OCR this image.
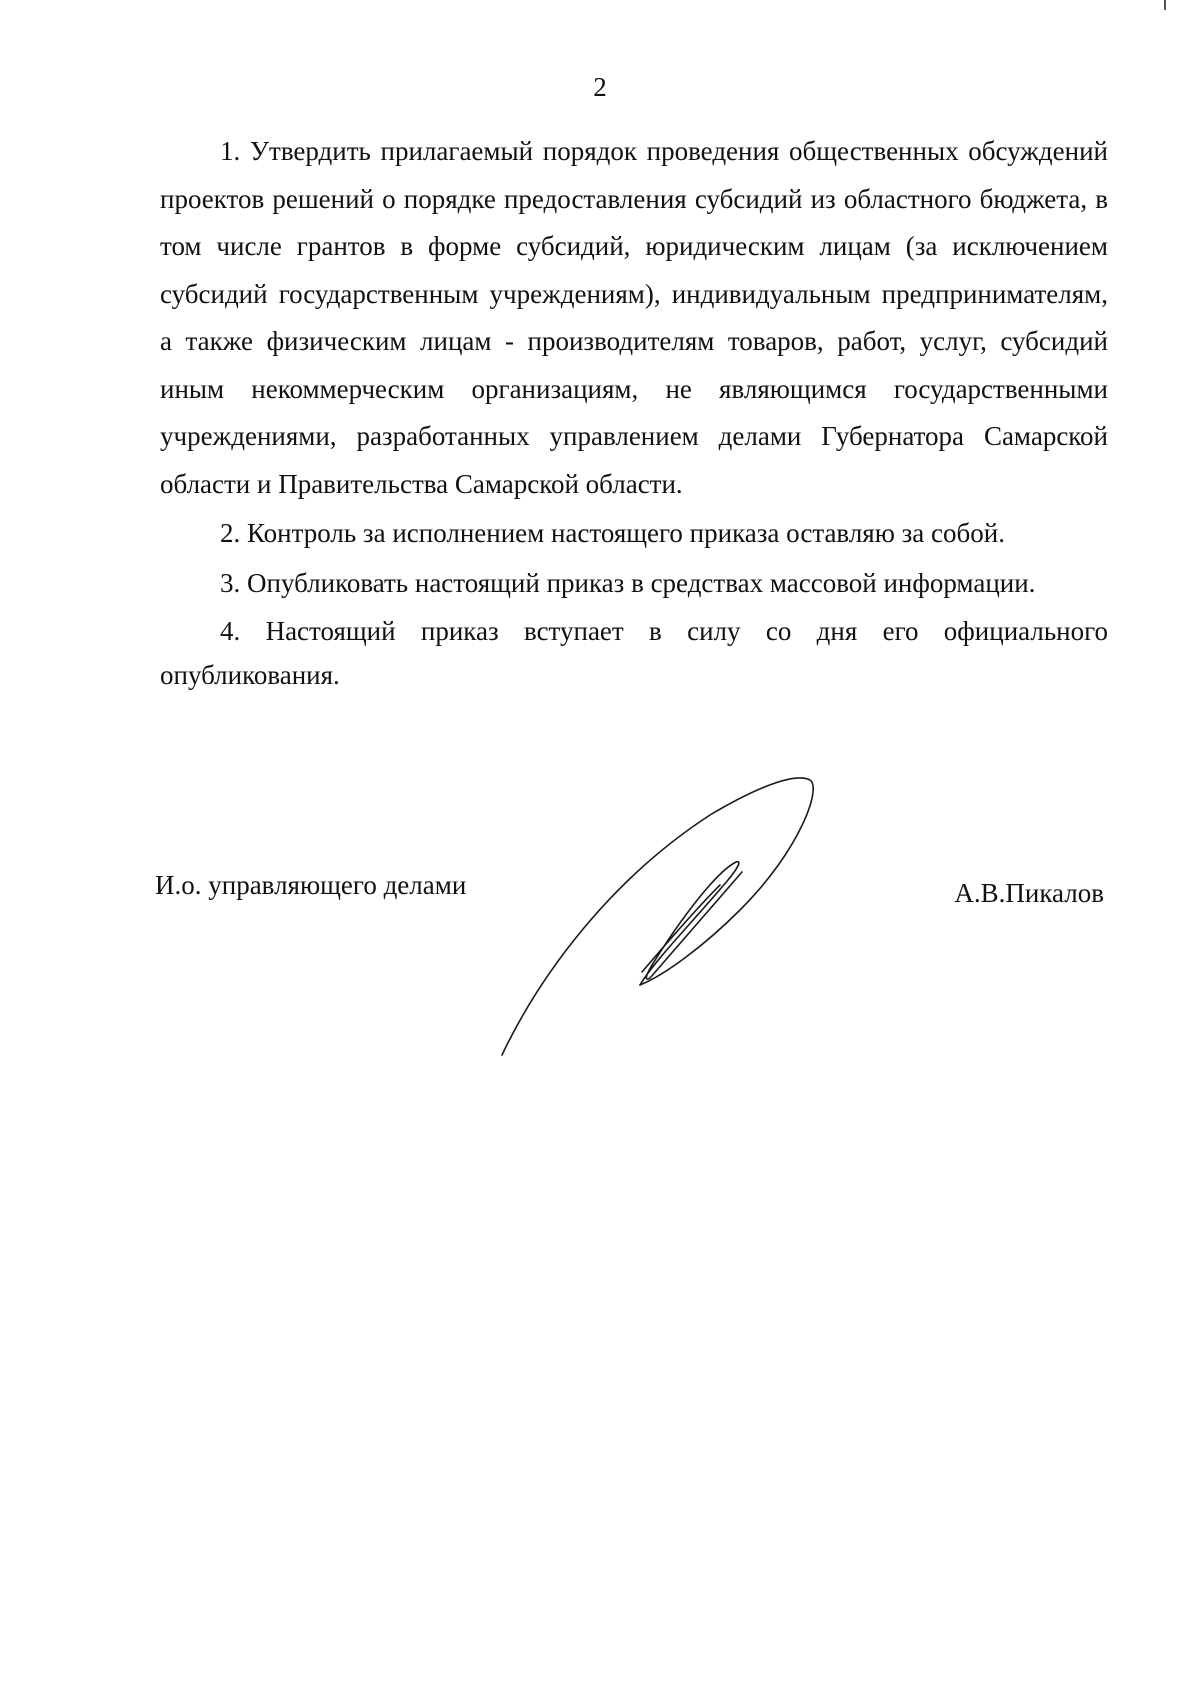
2

1. Утвердить прилагаемый порядок проведения общественных обсуждений проектов решений о порядке предоставления субсидий из областного бюджета, в том числе грантов в форме субсидий, юридическим лицам (за исключением субсидий государственным учреждениям), индивидуальным предпринимателям, а также физическим лицам - производителям товаров, работ, услуг, субсидий иным некоммерческим организациям, не являющимся государственными учреждениями, разработанных управлением делами Губернатора Самарской области и Правительства Самарской области.

2. Контроль за исполнением настоящего приказа оставляю за собой.

3. Опубликовать настоящий приказ в средствах массовой информации.

4. Настоящий приказ вступает в силу со дня его официального опубликования.

И.о. управляющего делами	А.В.Пикалов
